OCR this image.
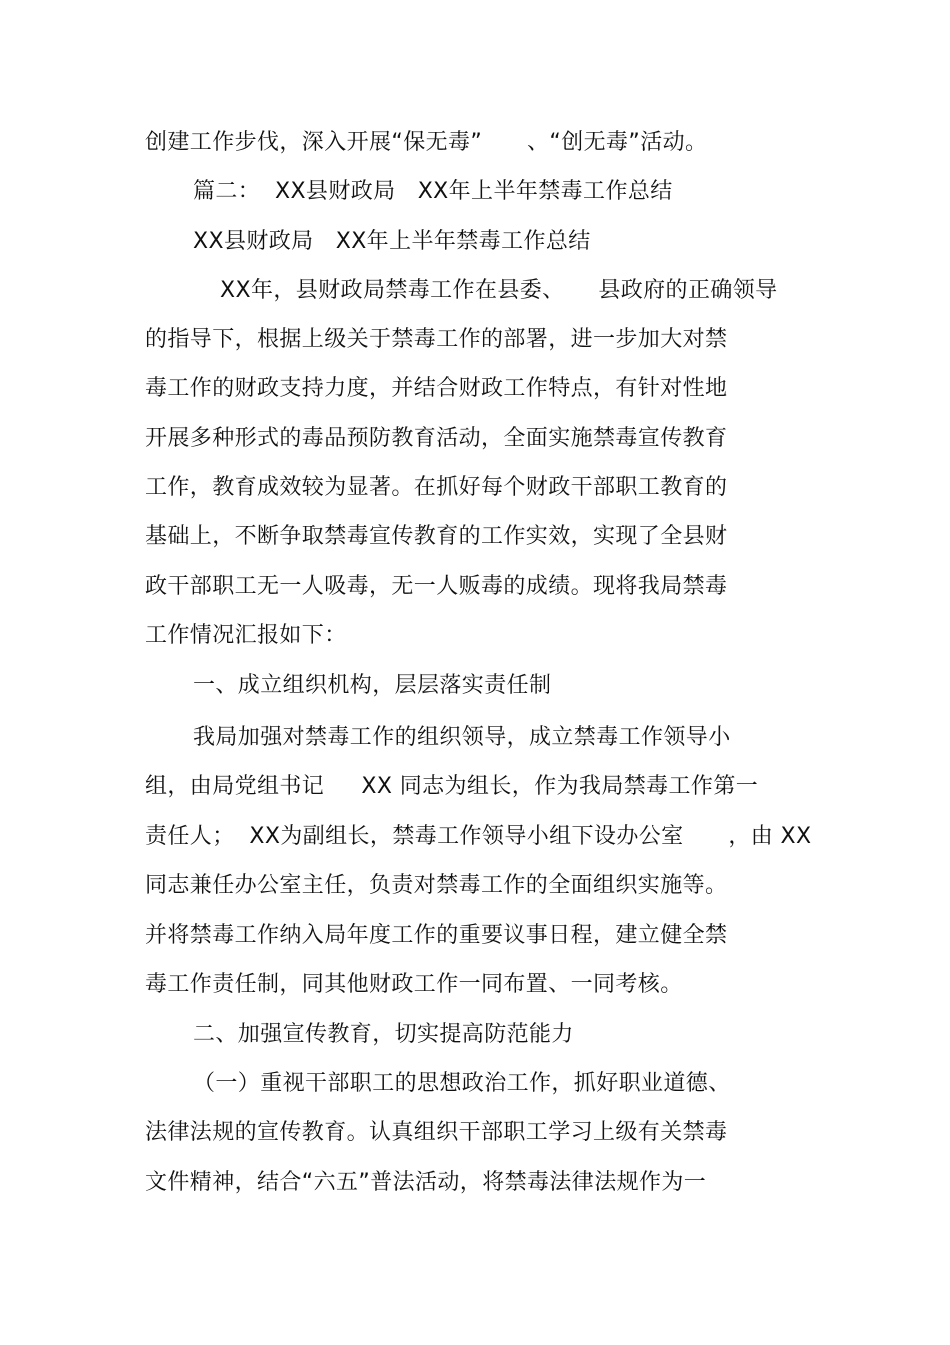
创建工作步伐，深入开展“保无毒”　　、“创无毒”活动。
篇二：  XX县财政局   XX年上半年禁毒工作总结
XX县财政局   XX年上半年禁毒工作总结
XX年，县财政局禁毒工作在县委、　　县政府的正确领导
的指导下，根据上级关于禁毒工作的部署，进一步加大对禁
毒工作的财政支持力度，并结合财政工作特点，有针对性地
开展多种形式的毒品预防教育活动，全面实施禁毒宣传教育
工作，教育成效较为显著。在抓好每个财政干部职工教育的
基础上，不断争取禁毒宣传教育的工作实效，实现了全县财
政干部职工无一人吸毒，无一人贩毒的成绩。现将我局禁毒
工作情况汇报如下：
一、成立组织机构，层层落实责任制
我局加强对禁毒工作的组织领导，成立禁毒工作领导小
组，由局党组书记　  XX 同志为组长，作为我局禁毒工作第一
责任人；  XX为副组长，禁毒工作领导小组下设办公室　　，由 XX
同志兼任办公室主任，负责对禁毒工作的全面组织实施等。
并将禁毒工作纳入局年度工作的重要议事日程，建立健全禁
毒工作责任制，同其他财政工作一同布置、一同考核。
二、加强宣传教育，切实提高防范能力
（一）重视干部职工的思想政治工作，抓好职业道德、
法律法规的宣传教育。认真组织干部职工学习上级有关禁毒
文件精神，结合“六五”普法活动，将禁毒法律法规作为一
